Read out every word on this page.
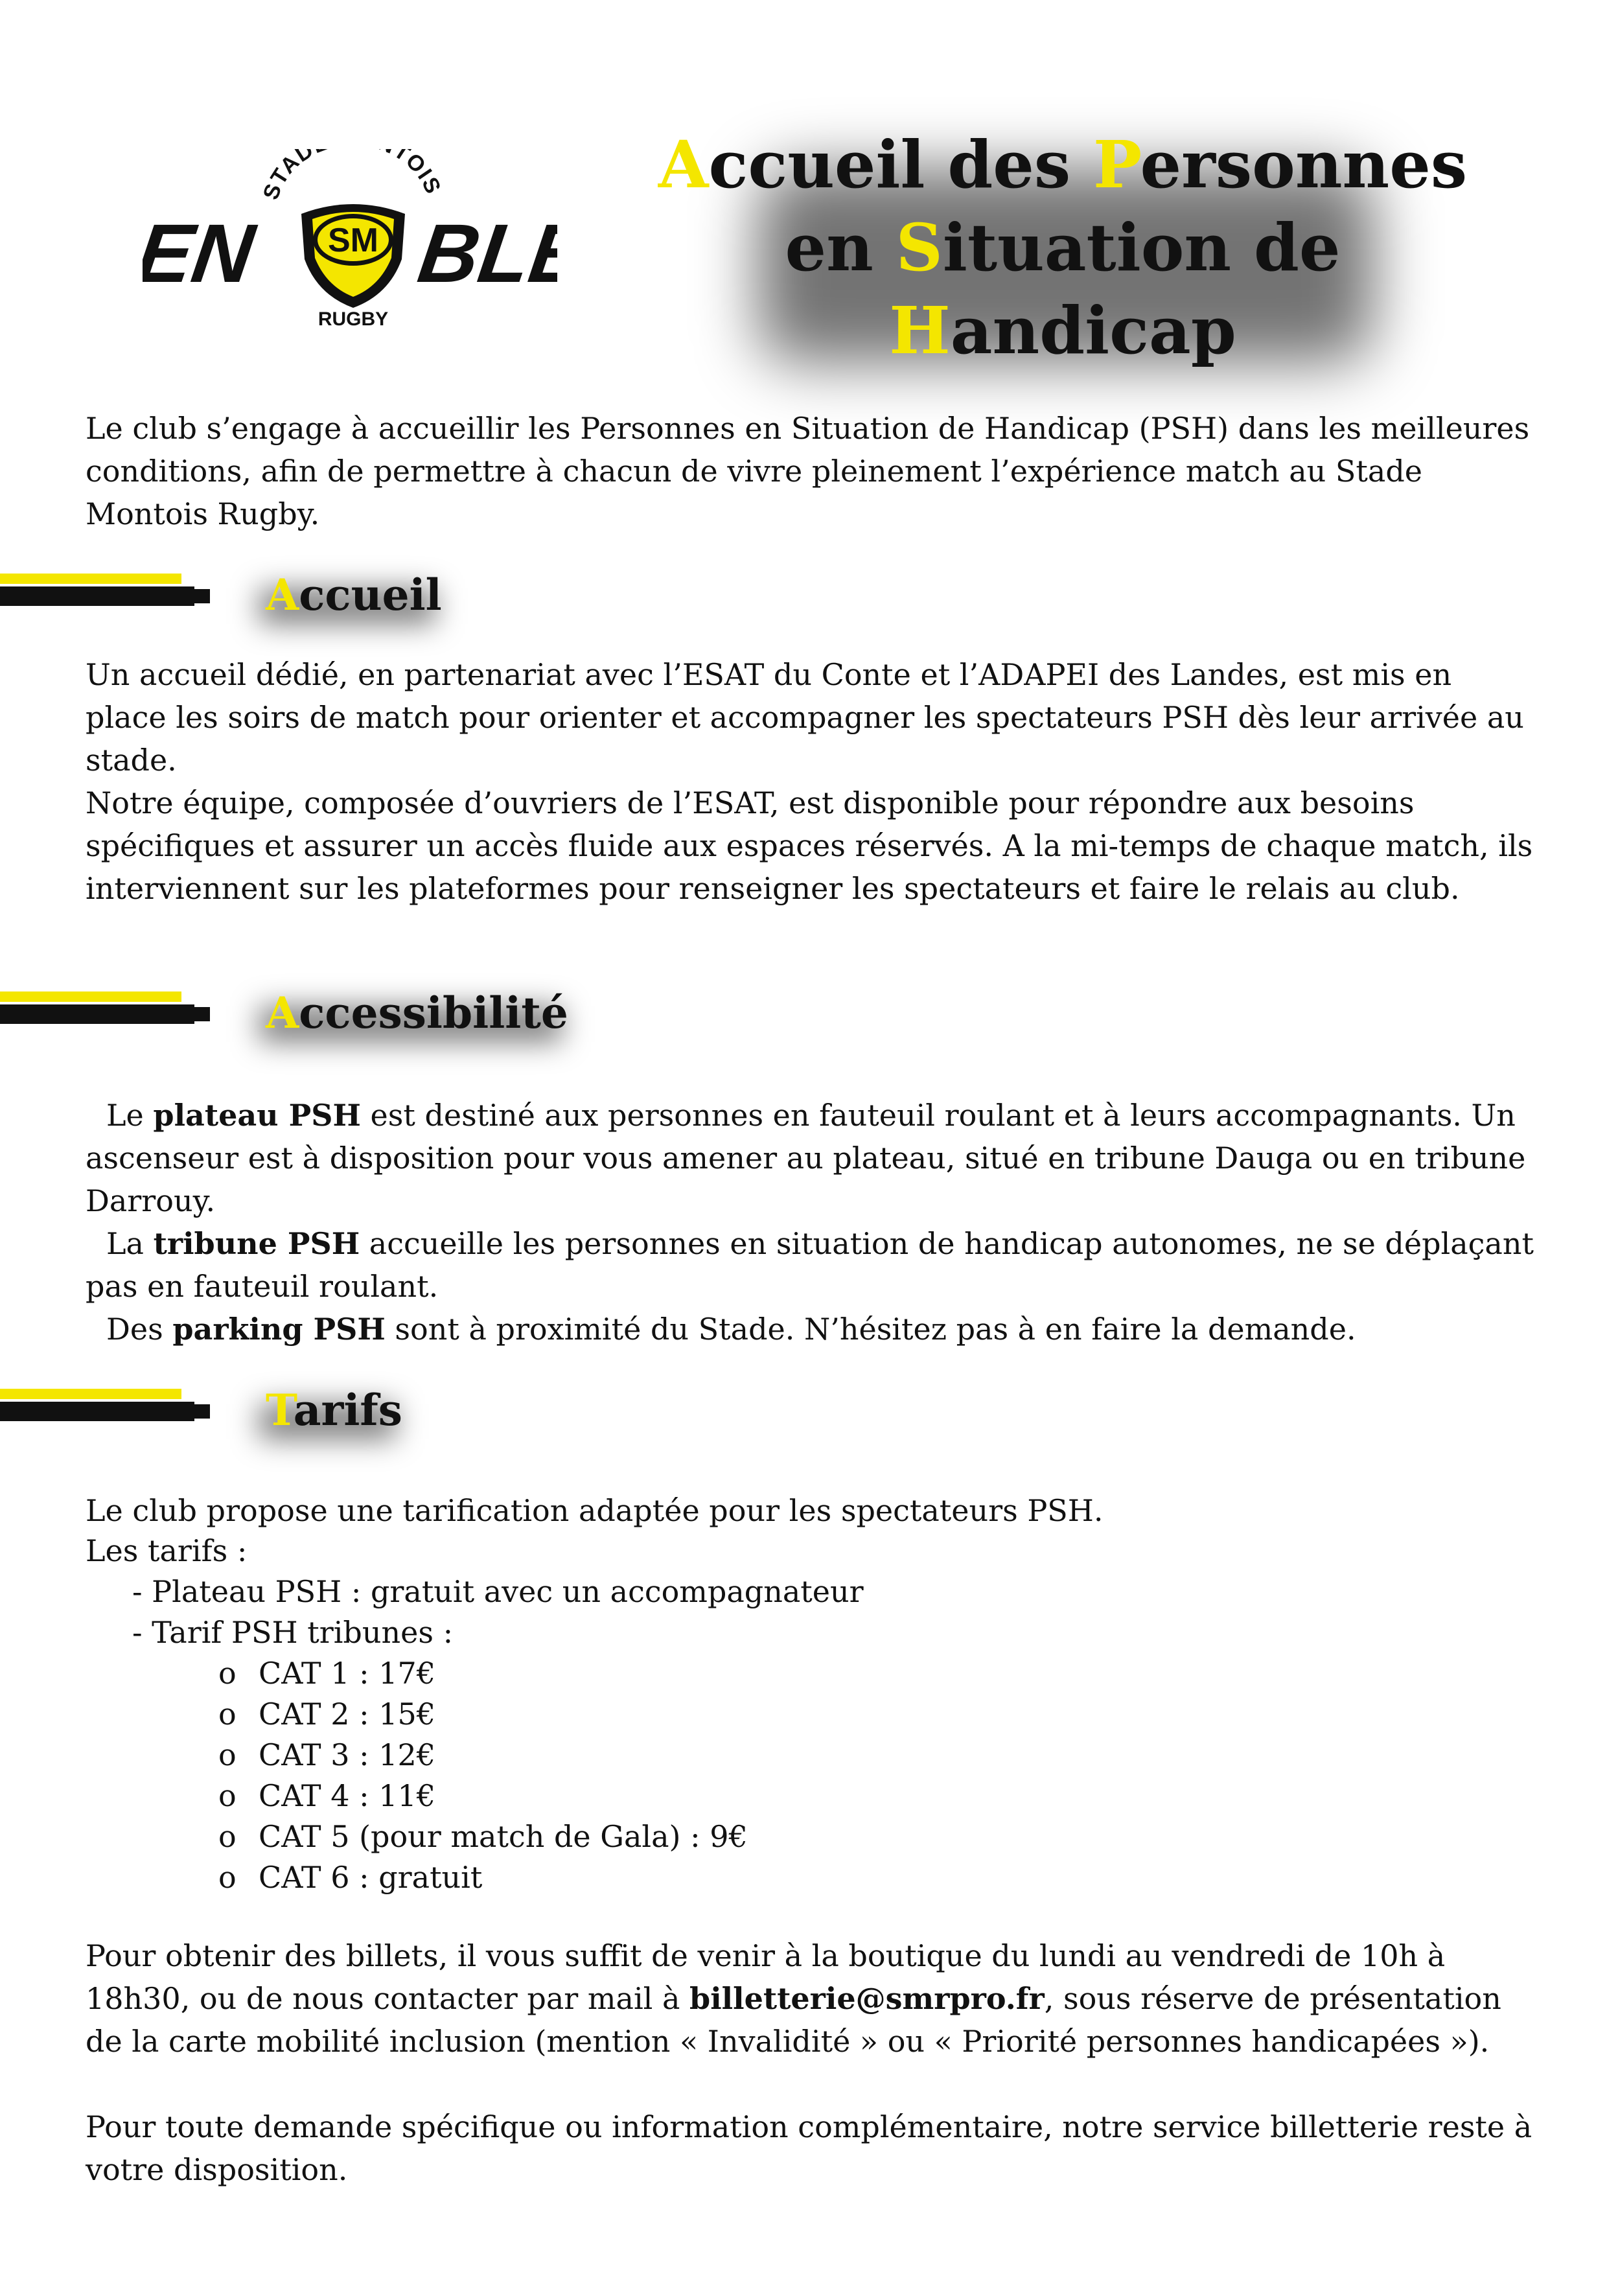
STAD TOIS
SM
EN BLE
RUGBY
Accueil des Personnes
en Situation de
Handicap

Le club s’engage à accueillir les Personnes en Situation de Handicap (PSH) dans les meilleures conditions, afin de permettre à chacun de vivre pleinement l’expérience match au Stade Montois Rugby.

Accueil

Un accueil dédié, en partenariat avec l’ESAT du Conte et l’ADAPEI des Landes, est mis en place les soirs de match pour orienter et accompagner les spectateurs PSH dès leur arrivée au stade.

Notre équipe, composée d’ouvriers de l’ESAT, est disponible pour répondre aux besoins spécifiques et assurer un accès fluide aux espaces réservés. A la mi-temps de chaque match, ils interviennent sur les plateformes pour renseigner les spectateurs et faire le relais au club.

Accessibilité

Le plateau PSH est destiné aux personnes en fauteuil roulant et à leurs accompagnants. Un ascenseur est à disposition pour vous amener au plateau, situé en tribune Dauga ou en tribune Darrouy.

La tribune PSH accueille les personnes en situation de handicap autonomes, ne se déplaçant pas en fauteuil roulant.

Des parking PSH sont à proximité du Stade. N’hésitez pas à en faire la demande.

Tarifs

Le club propose une tarification adaptée pour les spectateurs PSH.

Les tarifs :
- Plateau PSH : gratuit avec un accompagnateur
- Tarif PSH tribunes :
o CAT 1 : 17€
o CAT 2 : 15€
o CAT 3 : 12€
o CAT 4 : 11€
o CAT 5 (pour match de Gala) : 9€
o CAT 6 : gratuit

Pour obtenir des billets, il vous suffit de venir à la boutique du lundi au vendredi de 10h à 18h30, ou de nous contacter par mail à billetterie@smrpro.fr, sous réserve de présentation de la carte mobilité inclusion (mention « Invalidité » ou « Priorité personnes handicapées »).

Pour toute demande spécifique ou information complémentaire, notre service billetterie reste à votre disposition.
